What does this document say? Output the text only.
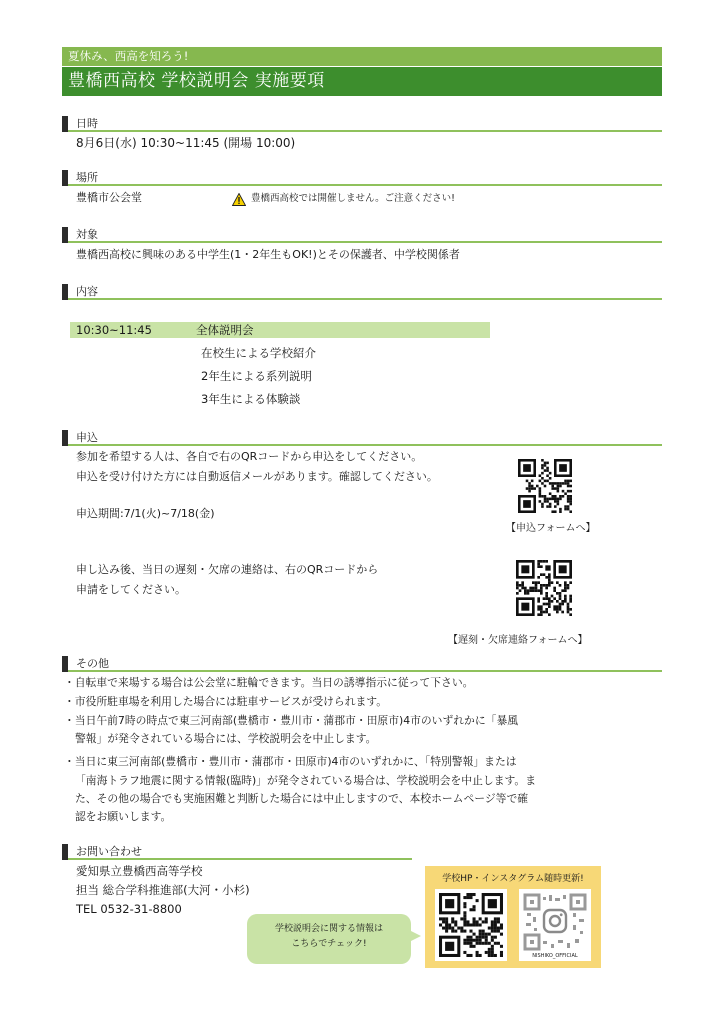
夏休み、西高を知ろう!
豊橋西高校 学校説明会 実施要項
日時
8月6日(水) 10:30~11:45 (開場 10:00)
場所
豊橋市公会堂	豊橋西高校では開催しません。ご注意ください!
対象
豊橋西高校に興味のある中学生(1・2年生もOK!)とその保護者、中学校関係者
内容
10:30~11:45	全体説明会
在校生による学校紹介
2年生による系列説明
3年生による体験談
申込
参加を希望する人は、各自で右のQRコードから申込をしてください。
申込を受け付けた方には自動返信メールがあります。確認してください。
申込期間:7/1(火)~7/18(金)
【申込フォームへ】
申し込み後、当日の遅刻・欠席の連絡は、右のQRコードから
申請をしてください。
【遅刻・欠席連絡フォームへ】
その他
・自転車で来場する場合は公会堂に駐輪できます。当日の誘導指示に従って下さい。
・市役所駐車場を利用した場合には駐車サービスが受けられます。
・当日午前7時の時点で東三河南部(豊橋市・豊川市・蒲郡市・田原市)4市のいずれかに「暴風
警報」が発令されている場合には、学校説明会を中止します。
・当日に東三河南部(豊橋市・豊川市・蒲郡市・田原市)4市のいずれかに、「特別警報」または
「南海トラフ地震に関する情報(臨時)」が発令されている場合は、学校説明会を中止します。ま
た、その他の場合でも実施困難と判断した場合には中止しますので、本校ホームページ等で確
認をお願いします。
お問い合わせ
愛知県立豊橋西高等学校
担当 総合学科推進部(大河・小杉)
TEL 0532-31-8800
学校説明会に関する情報は
こちらでチェック!
学校HP・インスタグラム随時更新!
NISHIKO_OFFICIAL
